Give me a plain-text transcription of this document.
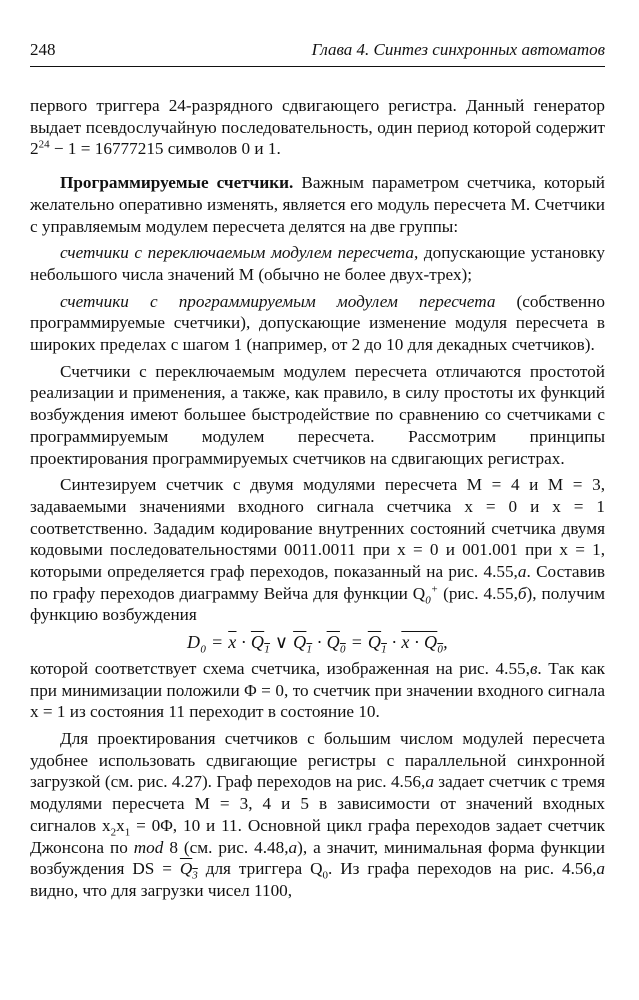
248	Глава 4. Синтез синхронных автоматов

первого триггера 24-разрядного сдвигающего регистра. Данный генератор выдает псевдослучайную последовательность, один период которой содержит $2^{24} - 1 = 16777215$ символов 0 и 1.

Программируемые счетчики. Важным параметром счетчика, который желательно оперативно изменять, является его модуль пересчета M. Счетчики с управляемым модулем пересчета делятся на две группы:

счетчики с переключаемым модулем пересчета, допускающие установку небольшого числа значений M (обычно не более двух-трех);

счетчики с программируемым модулем пересчета (собственно программируемые счетчики), допускающие изменение модуля пересчета в широких пределах с шагом 1 (например, от 2 до 10 для декадных счетчиков).

Счетчики с переключаемым модулем пересчета отличаются простотой реализации и применения, а также, как правило, в силу простоты их функций возбуждения имеют большее быстродействие по сравнению со счетчиками с программируемым модулем пересчета. Рассмотрим принципы проектирования программируемых счетчиков на сдвигающих регистрах.

Синтезируем счетчик с двумя модулями пересчета M = 4 и M = 3, задаваемыми значениями входного сигнала счетчика x = 0 и x = 1 соответственно. Зададим кодирование внутренних состояний счетчика двумя кодовыми последовательностями 0011.0011 при x = 0 и 001.001 при x = 1, которыми определяется граф переходов, показанный на рис. 4.55,а. Составив по графу переходов диаграмму Вейча для функции $Q_0^+$ (рис. 4.55,б), получим функцию возбуждения

$D_0 = \overline{x} \cdot Q_1$ ∨ $Q_1 \cdot Q_0 = Q_1 \cdot x \cdot Q_0$,

которой соответствует схема счетчика, изображенная на рис. 4.55,в. Так как при минимизации положили Φ = 0, то счетчик при значении входного сигнала x = 1 из состояния 11 переходит в состояние 10.

Для проектирования счетчиков с большим числом модулей пересчета удобнее использовать сдвигающие регистры с параллельной синхронной загрузкой (см. рис. 4.27). Граф переходов на рис. 4.56,а задает счетчик с тремя модулями пересчета M = 3, 4 и 5 в зависимости от значений входных сигналов $x_2x_1 = 0\Phi$, 10 и 11. Основной цикл графа переходов задает счетчик Джонсона по mod 8 (см. рис. 4.48,а), а значит, минимальная форма функции возбуждения DS = $Q_3$ для триггера $Q_0$. Из графа переходов на рис. 4.56,а видно, что для загрузки чисел 1100,
